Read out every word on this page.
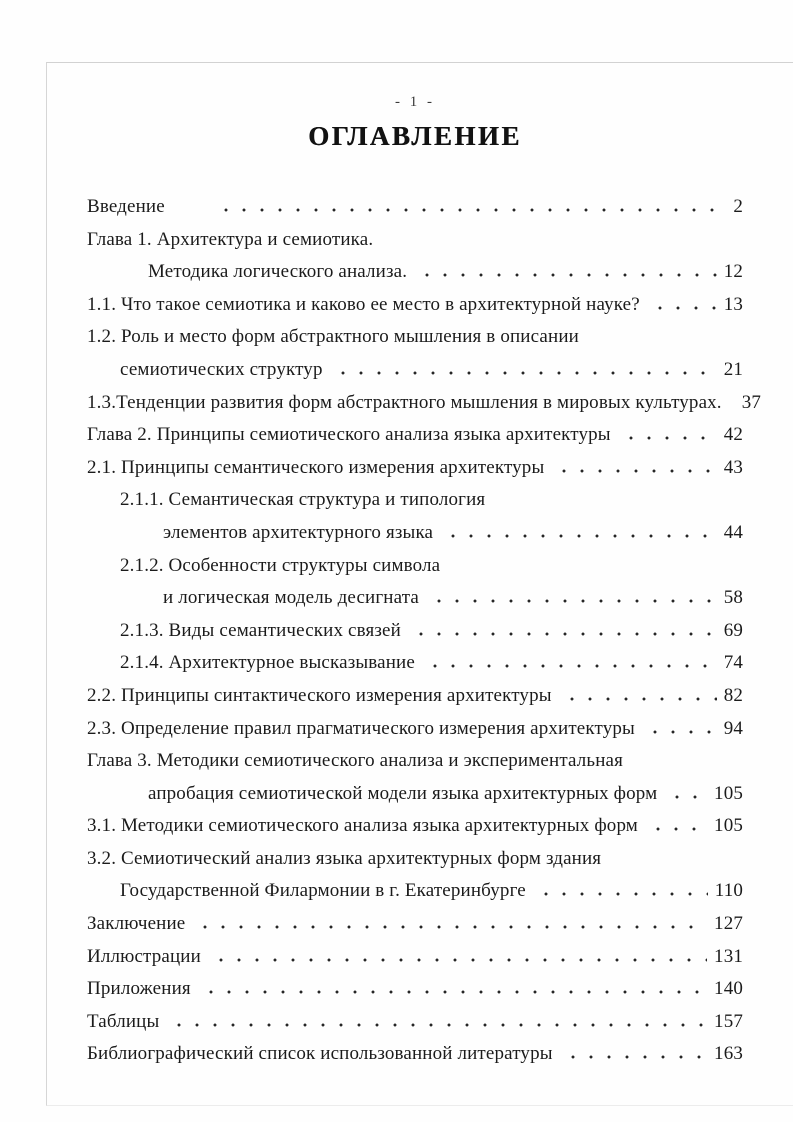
- 1 -
ОГЛАВЛЕНИЕ
Введение	2
Глава 1. Архитектура и семиотика.
Методика логического анализа.	12
1.1. Что такое семиотика и каково ее место в архитектурной науке?	13
1.2. Роль и место форм абстрактного мышления в описании
семиотических структур	21
1.3.Тенденции развития форм абстрактного мышления в мировых культурах. 37
Глава 2. Принципы семиотического анализа языка архитектуры	42
2.1. Принципы семантического измерения архитектуры	43
2.1.1. Семантическая структура и типология
элементов архитектурного языка	44
2.1.2. Особенности структуры символа
и логическая модель десигната	58
2.1.3. Виды семантических связей	69
2.1.4. Архитектурное высказывание	74
2.2. Принципы синтактического измерения архитектуры	82
2.3. Определение правил прагматического измерения архитектуры	94
Глава 3. Методики семиотического анализа и экспериментальная
апробация семиотической модели языка архитектурных форм	105
3.1. Методики семиотического анализа языка архитектурных форм	105
3.2. Семиотический анализ языка архитектурных форм здания
Государственной Филармонии в г. Екатеринбурге	110
Заключение	127
Иллюстрации	131
Приложения	140
Таблицы	157
Библиографический список использованной литературы	163
